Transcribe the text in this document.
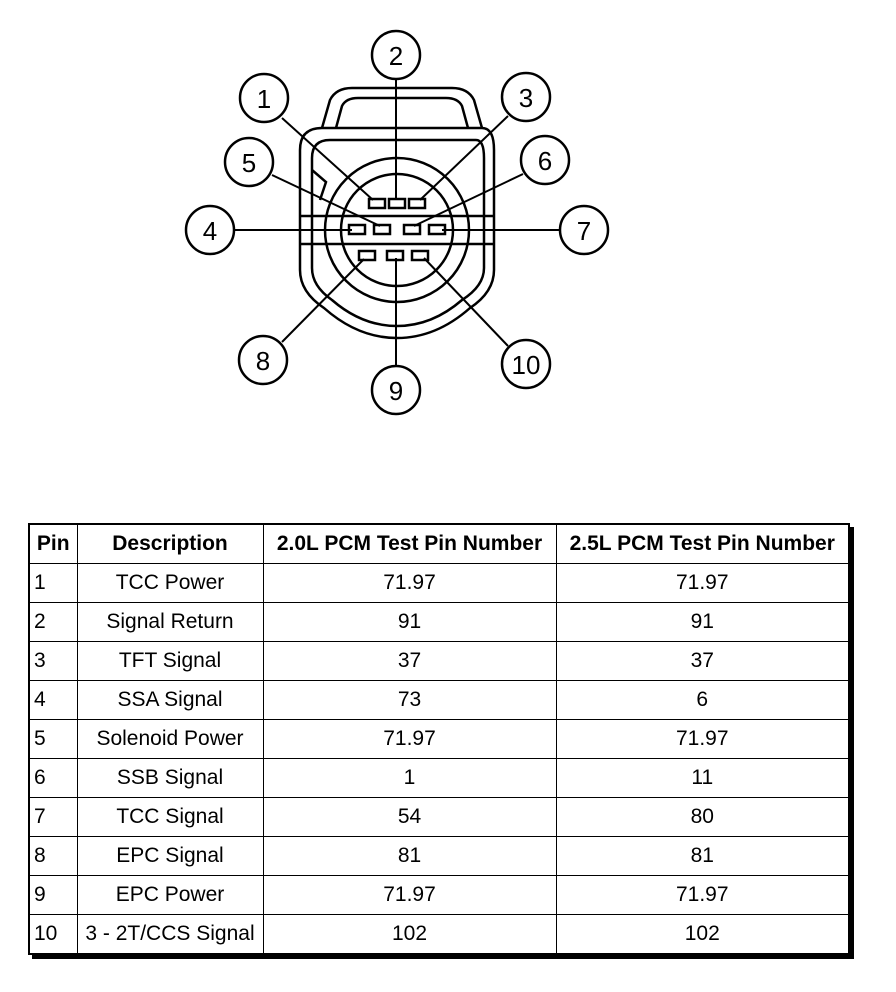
1
2
3
4
5	6
7
8
9
10
Pin	Description	2.0L PCM Test Pin Number	2.5L PCM Test Pin Number
1	TCC Power	71.97	71.97
2	Signal Return	91	91
3	TFT Signal	37	37
4	SSA Signal	73	6
5	Solenoid Power	71.97	71.97
6	SSB Signal	1	11
7	TCC Signal	54	80
8	EPC Signal	81	81
9	EPC Power	71.97	71.97
10	3 - 2T/CCS Signal	102	102
